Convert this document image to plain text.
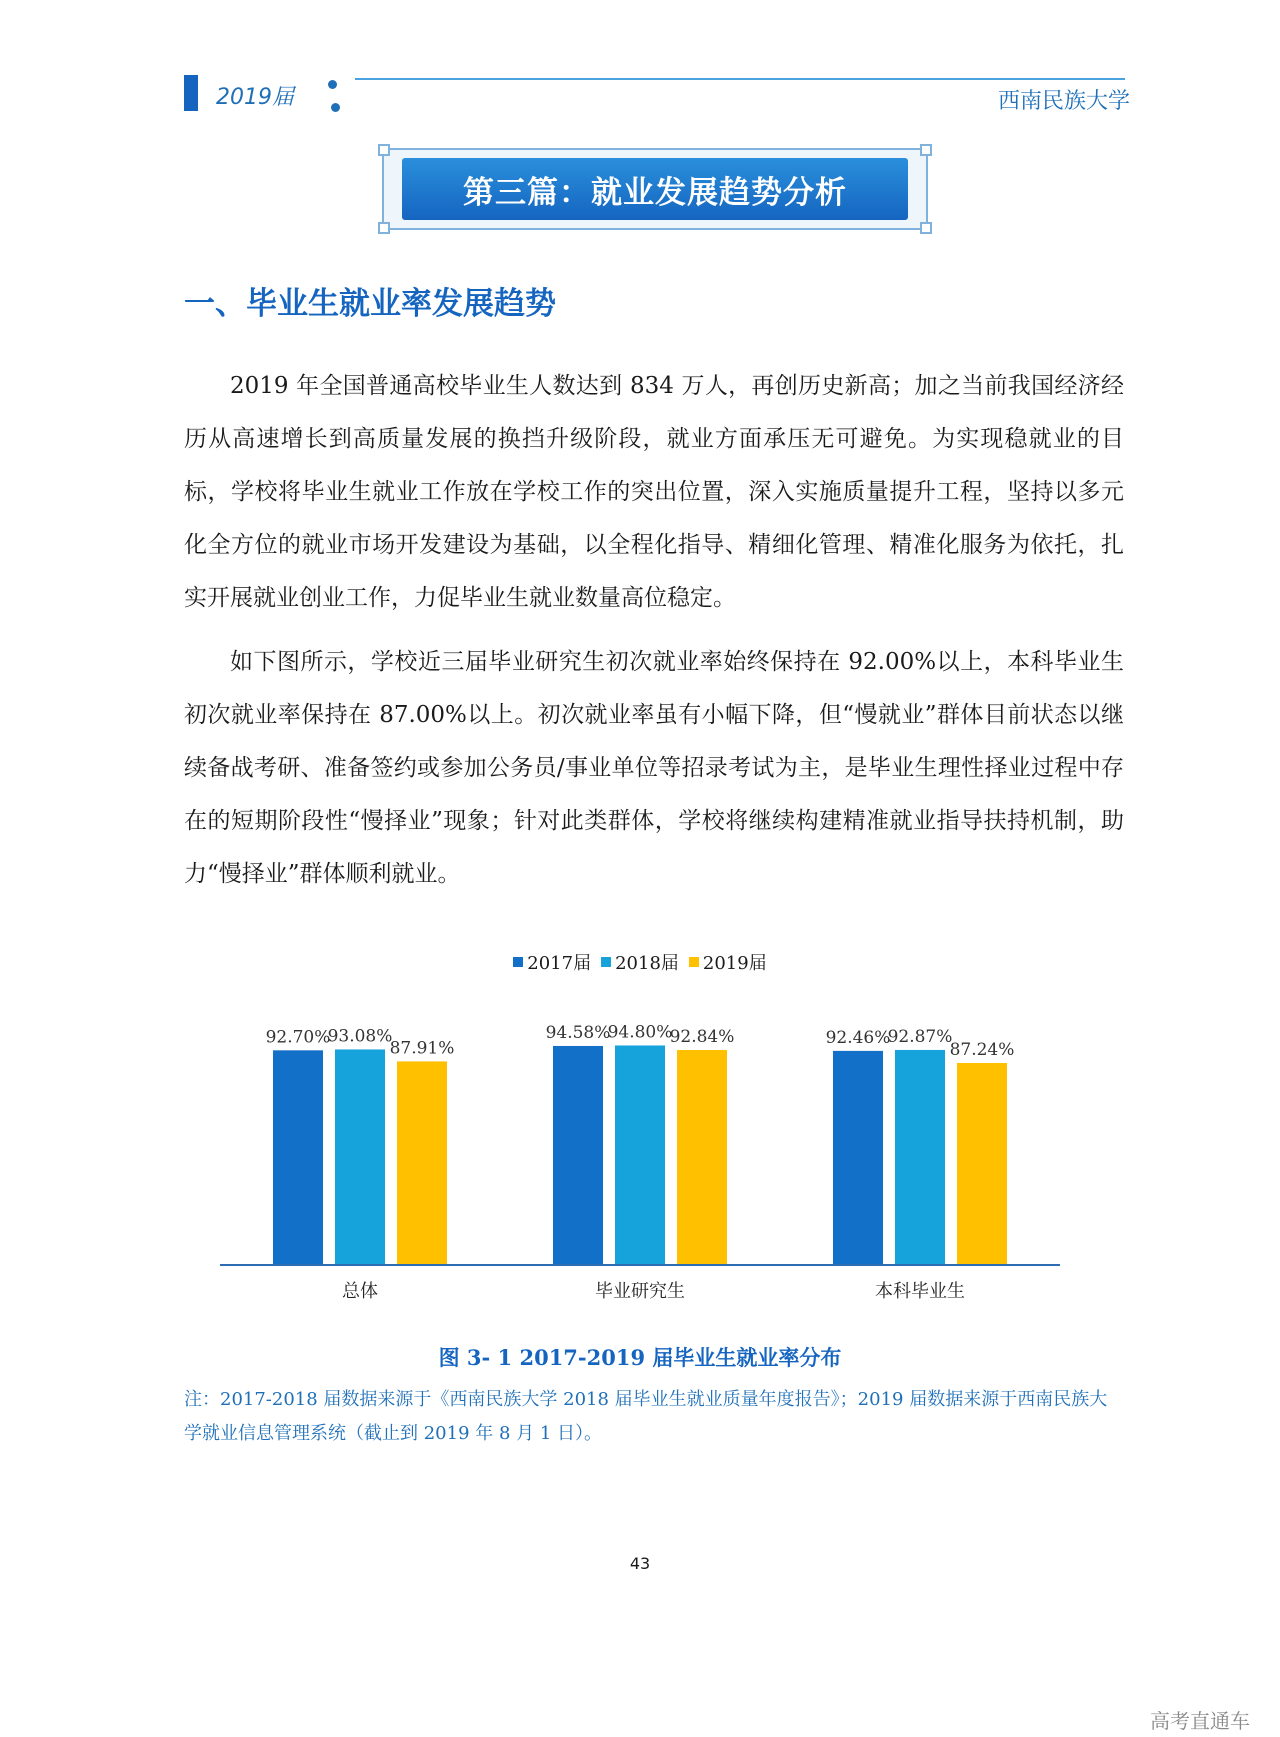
2019届	西南民族大学
第三篇：就业发展趋势分析
一、毕业生就业率发展趋势
2019 年全国普通高校毕业生人数达到 834 万人，再创历史新高；加之当前我国经济经历从高速增长到高质量发展的换挡升级阶段，就业方面承压无可避免。为实现稳就业的目标，学校将毕业生就业工作放在学校工作的突出位置，深入实施质量提升工程，坚持以多元化全方位的就业市场开发建设为基础，以全程化指导、精细化管理、精准化服务为依托，扎实开展就业创业工作，力促毕业生就业数量高位稳定。
如下图所示，学校近三届毕业研究生初次就业率始终保持在 92.00%以上，本科毕业生初次就业率保持在 87.00%以上。初次就业率虽有小幅下降，但“慢就业”群体目前状态以继续备战考研、准备签约或参加公务员/事业单位等招录考试为主，是毕业生理性择业过程中存在的短期阶段性“慢择业”现象；针对此类群体，学校将继续构建精准就业指导扶持机制，助力“慢择业”群体顺利就业。
2017届 2018届 2019届
92.70%
93.08%
87.91%
总体
94.58%
94.80%
92.84%
毕业研究生
92.46%
92.87%
87.24%
本科毕业生
图 3- 1 2017-2019 届毕业生就业率分布
注：2017-2018 届数据来源于《西南民族大学 2018 届毕业生就业质量年度报告》；2019 届数据来源于西南民族大学就业信息管理系统（截止到 2019 年 8 月 1 日）。
43
高考直通车
